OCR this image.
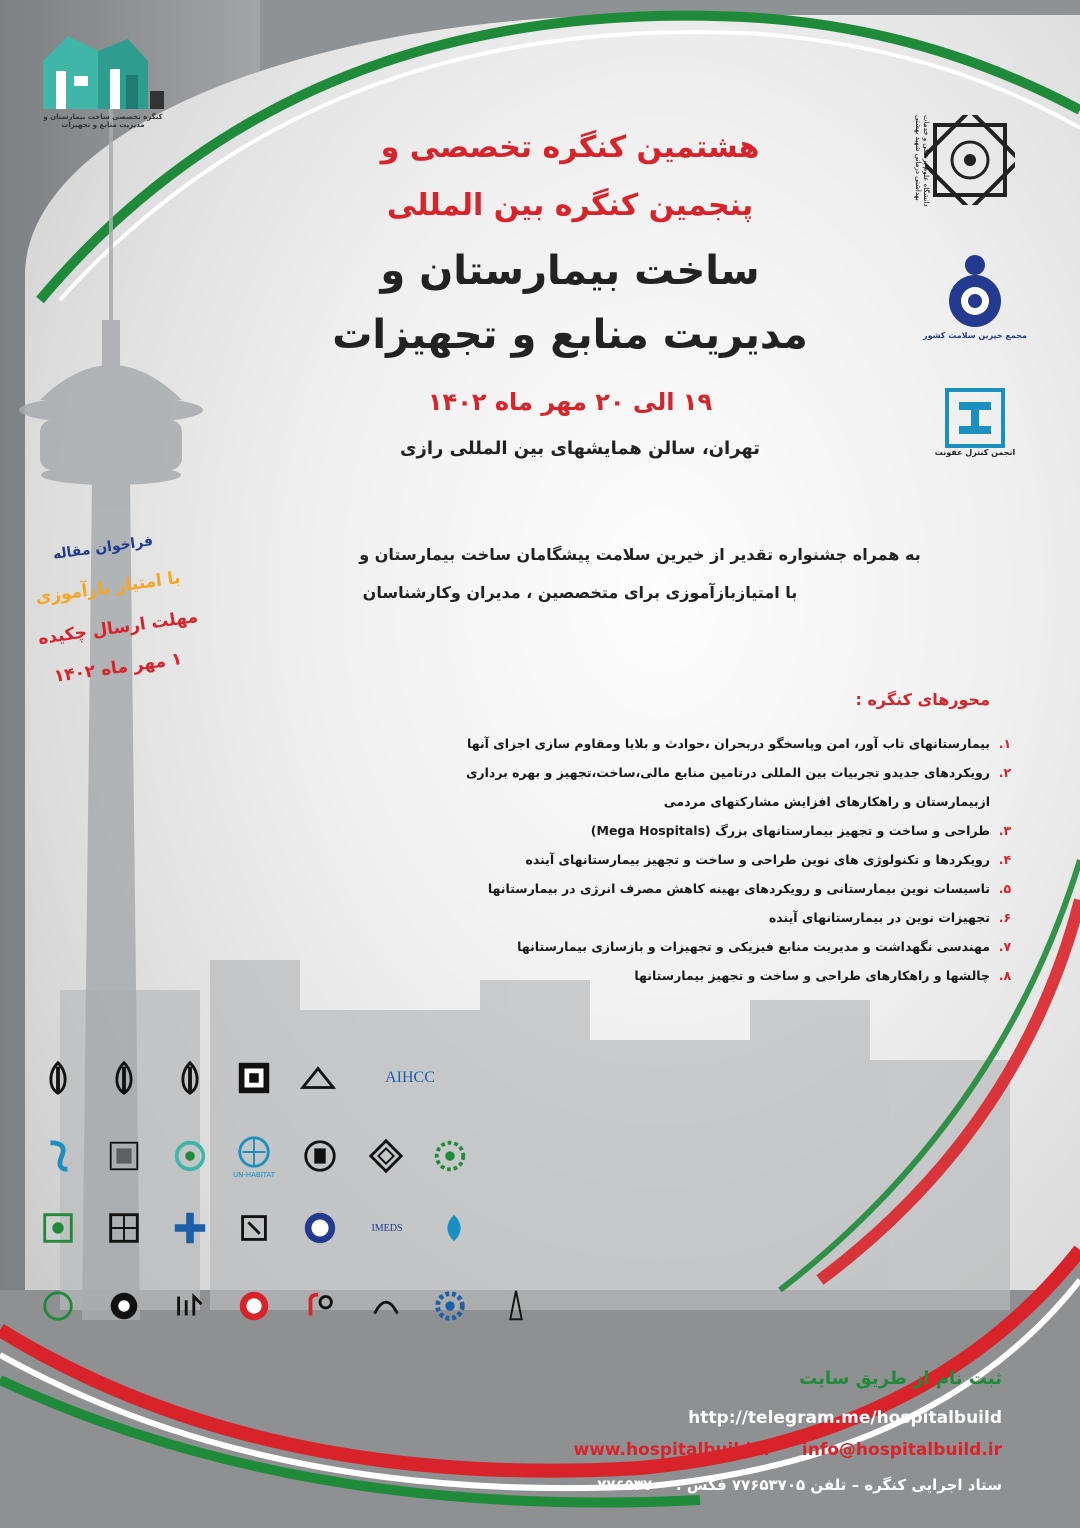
کنگره تخصصی ساخت بیمارستان و مدیریت منابع و تجهیزات	دانشگاه علوم پزشکی و خدمات بهداشتی درمانی شهید بهشتی
مجمع خیرین سلامت کشور
انجمن کنترل عفونت
هشتمین کنگره تخصصی و
پنجمین کنگره بین المللی
ساخت بیمارستان و
مدیریت منابع و تجهیزات
۱۹ الی ۲۰ مهر ماه ۱۴۰۲
تهران، سالن همایشهای بین المللی رازی
به همراه جشنواره تقدیر از خیرین سلامت پیشگامان ساخت بیمارستان و
با امتیازبازآموزی برای متخصصین ، مدیران وکارشناسان
فراخوان مقاله
با امتیاز بازآموزی
مهلت ارسال چکیده
۱ مهر ماه ۱۴۰۲
محورهای کنگره :
۱.
بیمارستانهای تاب آور، امن وپاسخگو دربحران ،حوادث و بلایا ومقاوم سازی اجزای آنها
۲.
رویکردهای جدیدو تجربیات بین المللی درتامین منابع مالی،ساخت،تجهیز و بهره برداری
ازبیمارستان و راهکارهای افزایش مشارکتهای مردمی
۳.
طراحی و ساخت و تجهیز بیمارستانهای بزرگ (Mega Hospitals)
۴.
رویکردها و تکنولوژی های نوین طراحی و ساخت و تجهیز بیمارستانهای آینده
۵.
تاسیسات نوین بیمارستانی و رویکردهای بهینه کاهش مصرف انرژی در بیمارستانها
۶.
تجهیزات نوین در بیمارستانهای آینده
۷.
مهندسی نگهداشت و مدیریت منابع فیزیکی و تجهیزات و بازسازی بیمارستانها
۸.
چالشها و راهکارهای طراحی و ساخت و تجهیز بیمارستانها
AIHCC
UN-HABITAT
IMEDS
ثبت نام از طریق سایت
http://telegram.me/hospitalbuild
www.hospitalbuild.ir info@hospitalbuild.ir
ستاد اجرایی کنگره – تلفن ۷۷۶۵۳۷۰۵ فکس : ۷۷۶۵۳۷۰۰
